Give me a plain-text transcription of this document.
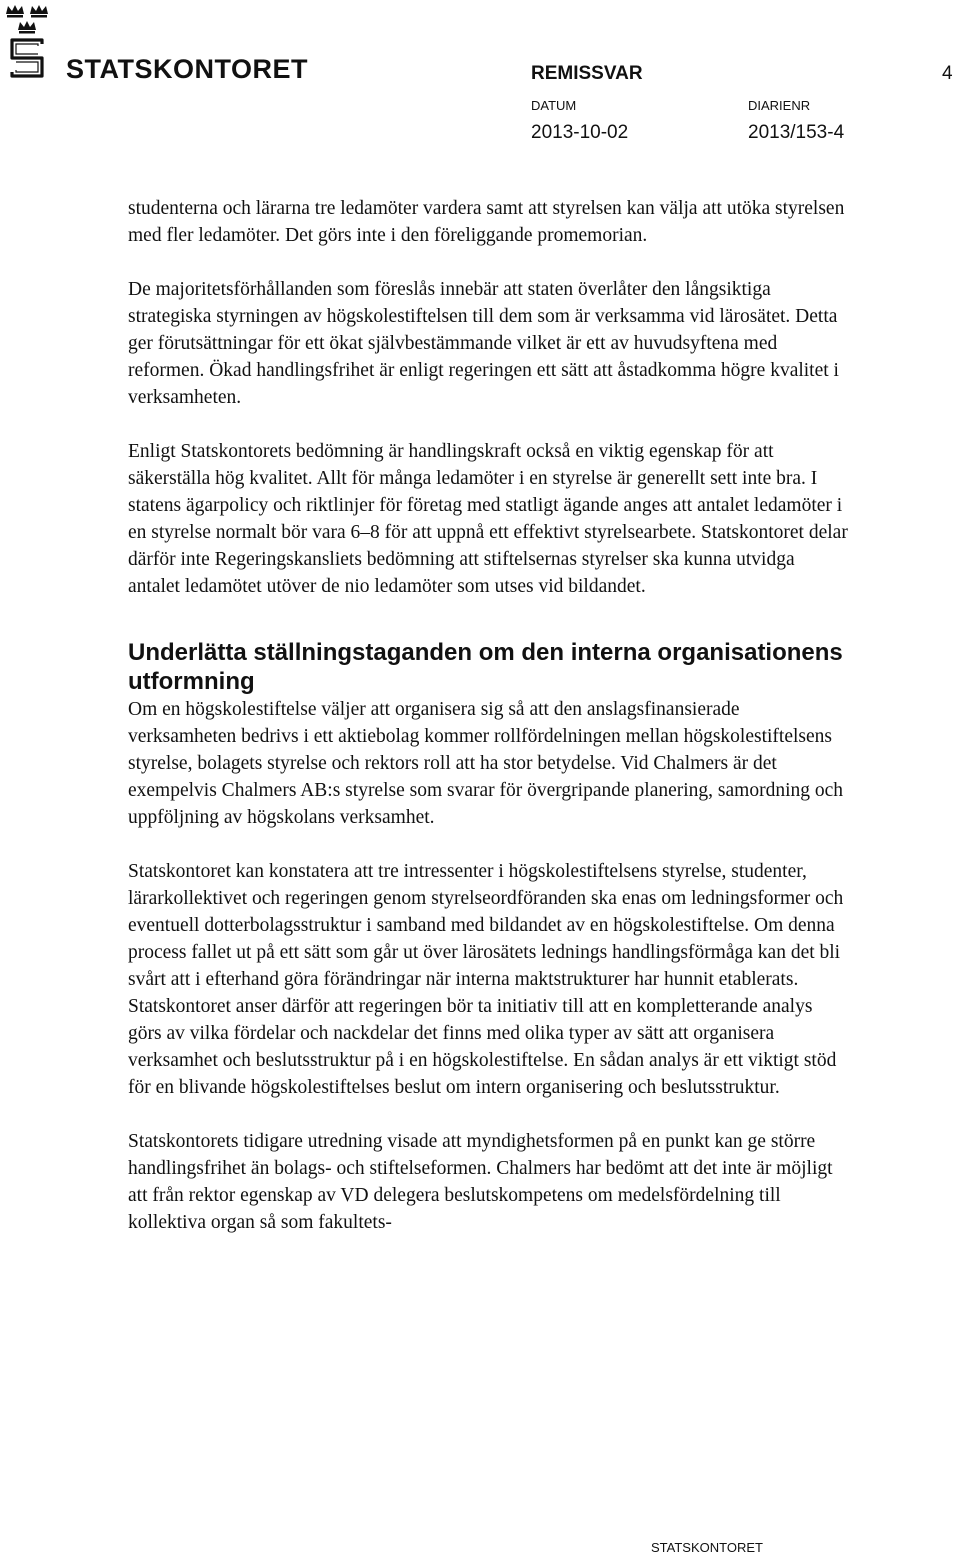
STATSKONTORET	REMISSVAR	4
DATUM	DIARIENR
2013-10-02	2013/153-4

studenterna och lärarna tre ledamöter vardera samt att styrelsen kan välja att utöka styrelsen med fler ledamöter. Det görs inte i den föreliggande promemorian.

De majoritetsförhållanden som föreslås innebär att staten överlåter den långsiktiga strategiska styrningen av högskolestiftelsen till dem som är verksamma vid lärosätet. Detta ger förutsättningar för ett ökat självbestämmande vilket är ett av huvudsyftena med reformen. Ökad handlingsfrihet är enligt regeringen ett sätt att åstadkomma högre kvalitet i verksamheten.

Enligt Statskontorets bedömning är handlingskraft också en viktig egenskap för att säkerställa hög kvalitet. Allt för många ledamöter i en styrelse är generellt sett inte bra. I statens ägarpolicy och riktlinjer för företag med statligt ägande anges att antalet ledamöter i en styrelse normalt bör vara 6–8 för att uppnå ett effektivt styrelsearbete. Statskontoret delar därför inte Regeringskansliets bedömning att stiftelsernas styrelser ska kunna utvidga antalet ledamötet utöver de nio ledamöter som utses vid bildandet.

Underlätta ställningstaganden om den interna organisationens utformning

Om en högskolestiftelse väljer att organisera sig så att den anslagsfinansierade verksamheten bedrivs i ett aktiebolag kommer rollfördelningen mellan högskolestiftelsens styrelse, bolagets styrelse och rektors roll att ha stor betydelse. Vid Chalmers är det exempelvis Chalmers AB:s styrelse som svarar för övergripande planering, samordning och uppföljning av högskolans verksamhet.

Statskontoret kan konstatera att tre intressenter i högskolestiftelsens styrelse, studenter, lärarkollektivet och regeringen genom styrelseordföranden ska enas om ledningsformer och eventuell dotterbolagsstruktur i samband med bildandet av en högskolestiftelse. Om denna process fallet ut på ett sätt som går ut över lärosätets lednings handlingsförmåga kan det bli svårt att i efterhand göra förändringar när interna maktstrukturer har hunnit etablerats. Statskontoret anser därför att regeringen bör ta initiativ till att en kompletterande analys görs av vilka fördelar och nackdelar det finns med olika typer av sätt att organisera verksamhet och beslutsstruktur på i en högskolestiftelse. En sådan analys är ett viktigt stöd för en blivande högskolestiftelses beslut om intern organisering och beslutsstruktur.

Statskontorets tidigare utredning visade att myndighetsformen på en punkt kan ge större handlingsfrihet än bolags- och stiftelseformen. Chalmers har bedömt att det inte är möjligt att från rektor egenskap av VD delegera beslutskompetens om medelsfördelning till kollektiva organ så som fakultets-

STATSKONTORET
